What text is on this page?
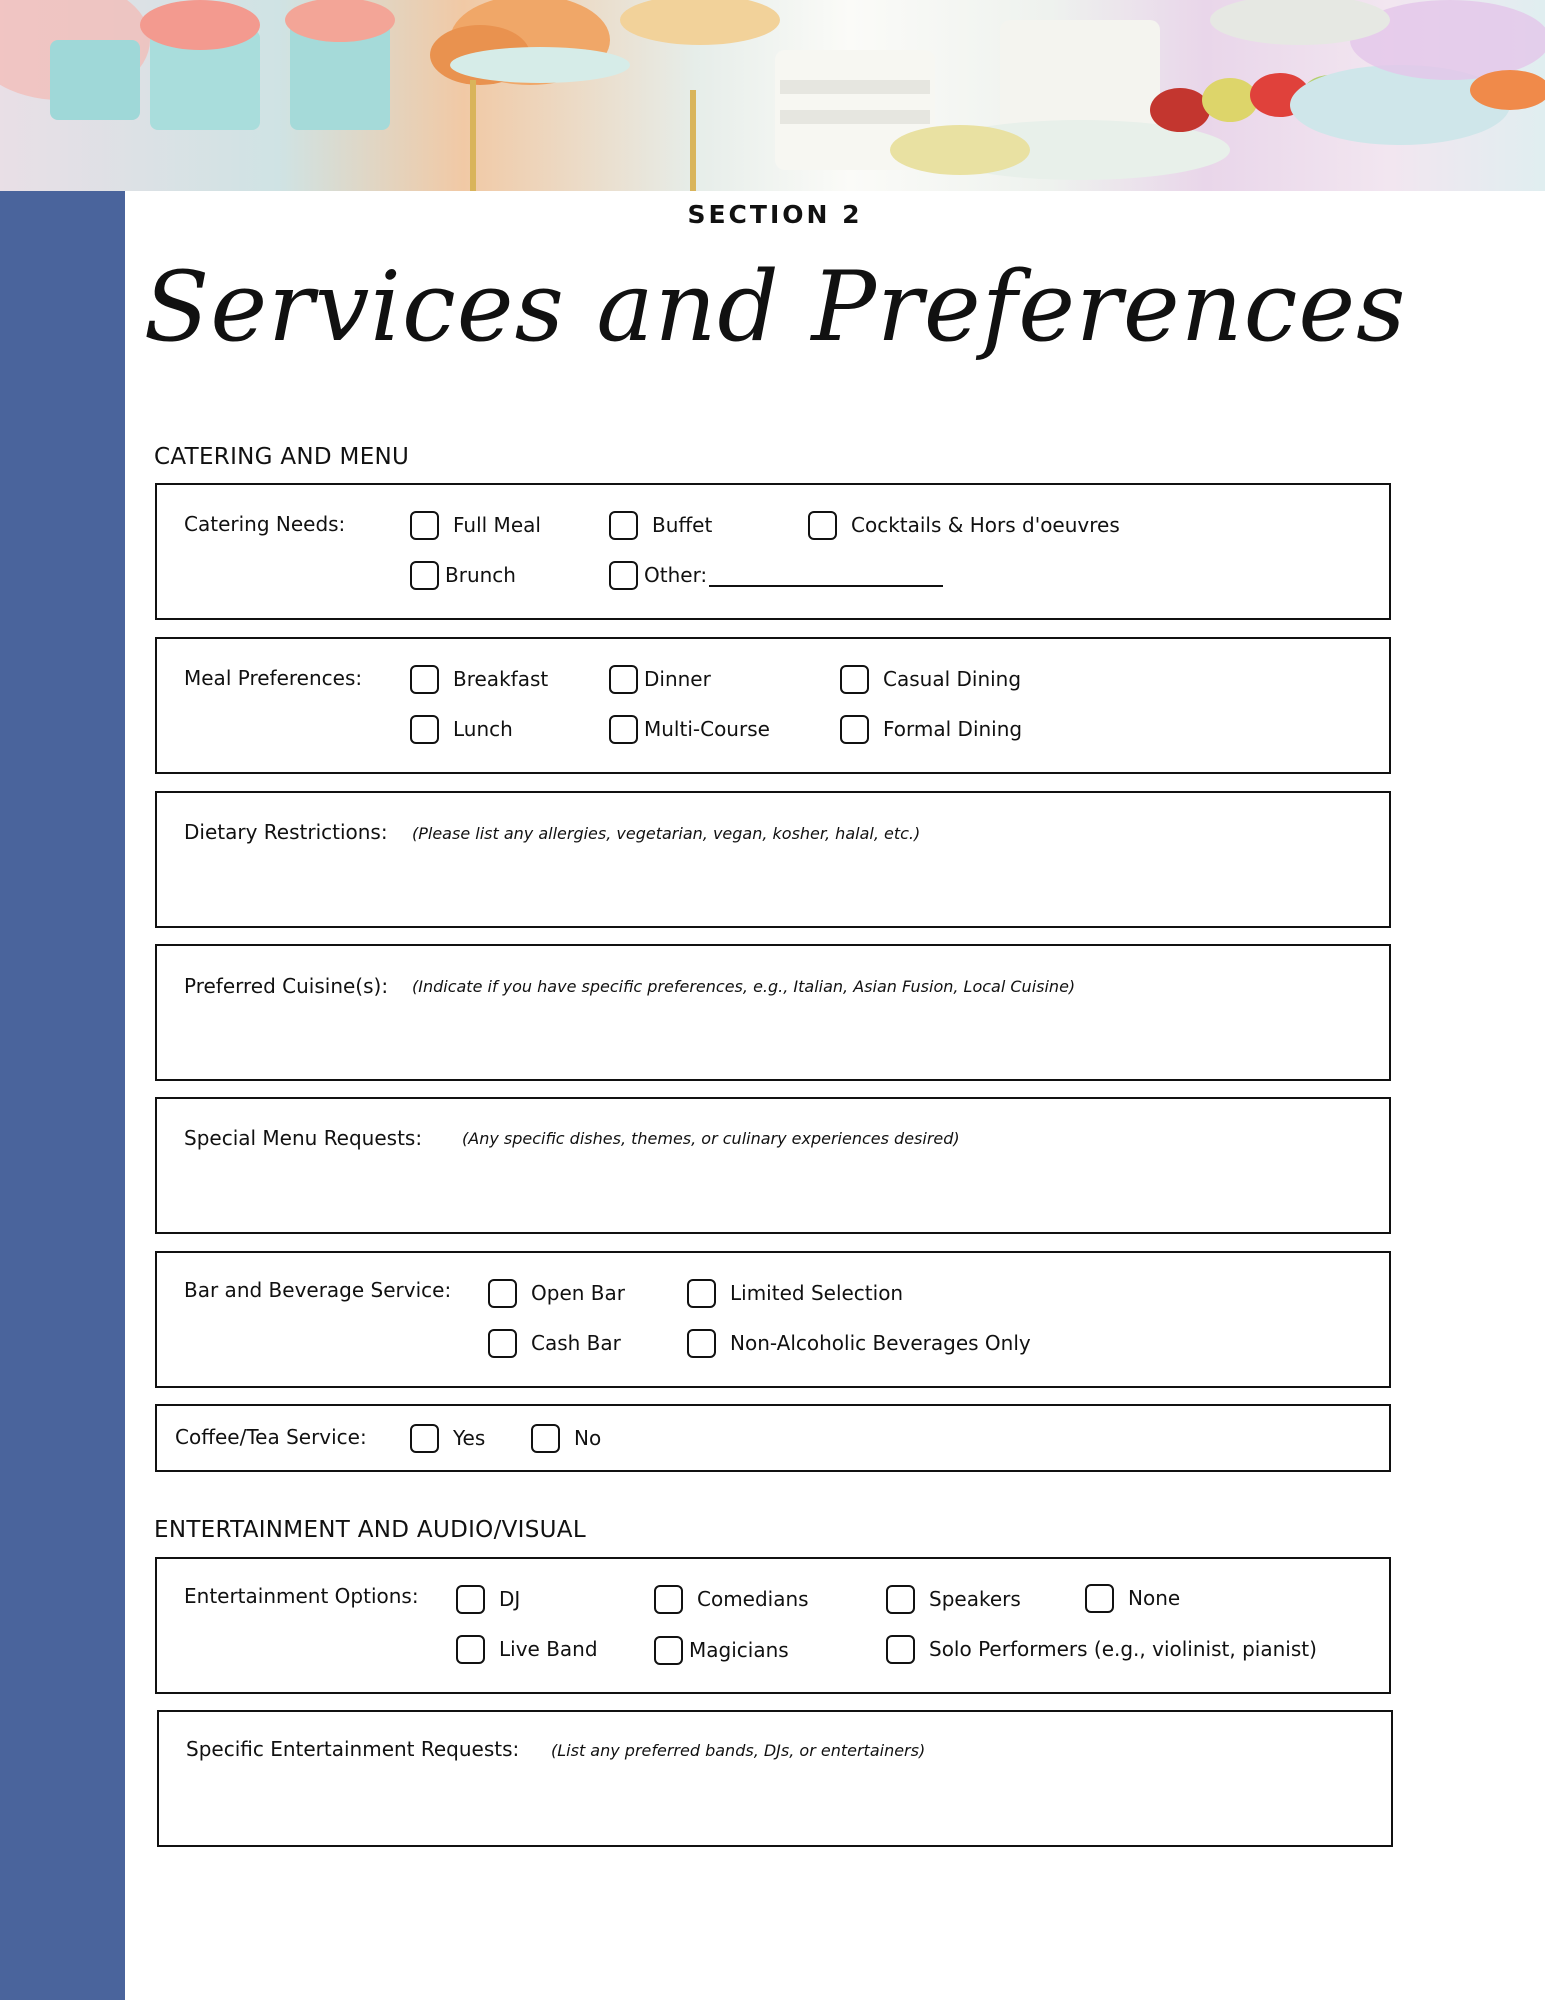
SECTION 2
Services and Preferences
CATERING AND MENU
Catering Needs:	Full Meal	Buffet	Cocktails & Hors d'oeuvres
Brunch	Other:
Meal Preferences:	Breakfast	Dinner	Casual Dining
Lunch	Multi-Course	Formal Dining
Dietary Restrictions: (Please list any allergies, vegetarian, vegan, kosher, halal, etc.)
Preferred Cuisine(s): (Indicate if you have specific preferences, e.g., Italian, Asian Fusion, Local Cuisine)
Special Menu Requests: (Any specific dishes, themes, or culinary experiences desired)
Bar and Beverage Service:	Open Bar	Limited Selection
Cash Bar	Non-Alcoholic Beverages Only
Coffee/Tea Service:	Yes	No
ENTERTAINMENT AND AUDIO/VISUAL
Entertainment Options:	DJ	Comedians	Speakers	None
Live Band	Magicians	Solo Performers (e.g., violinist, pianist)
Specific Entertainment Requests: (List any preferred bands, DJs, or entertainers)
